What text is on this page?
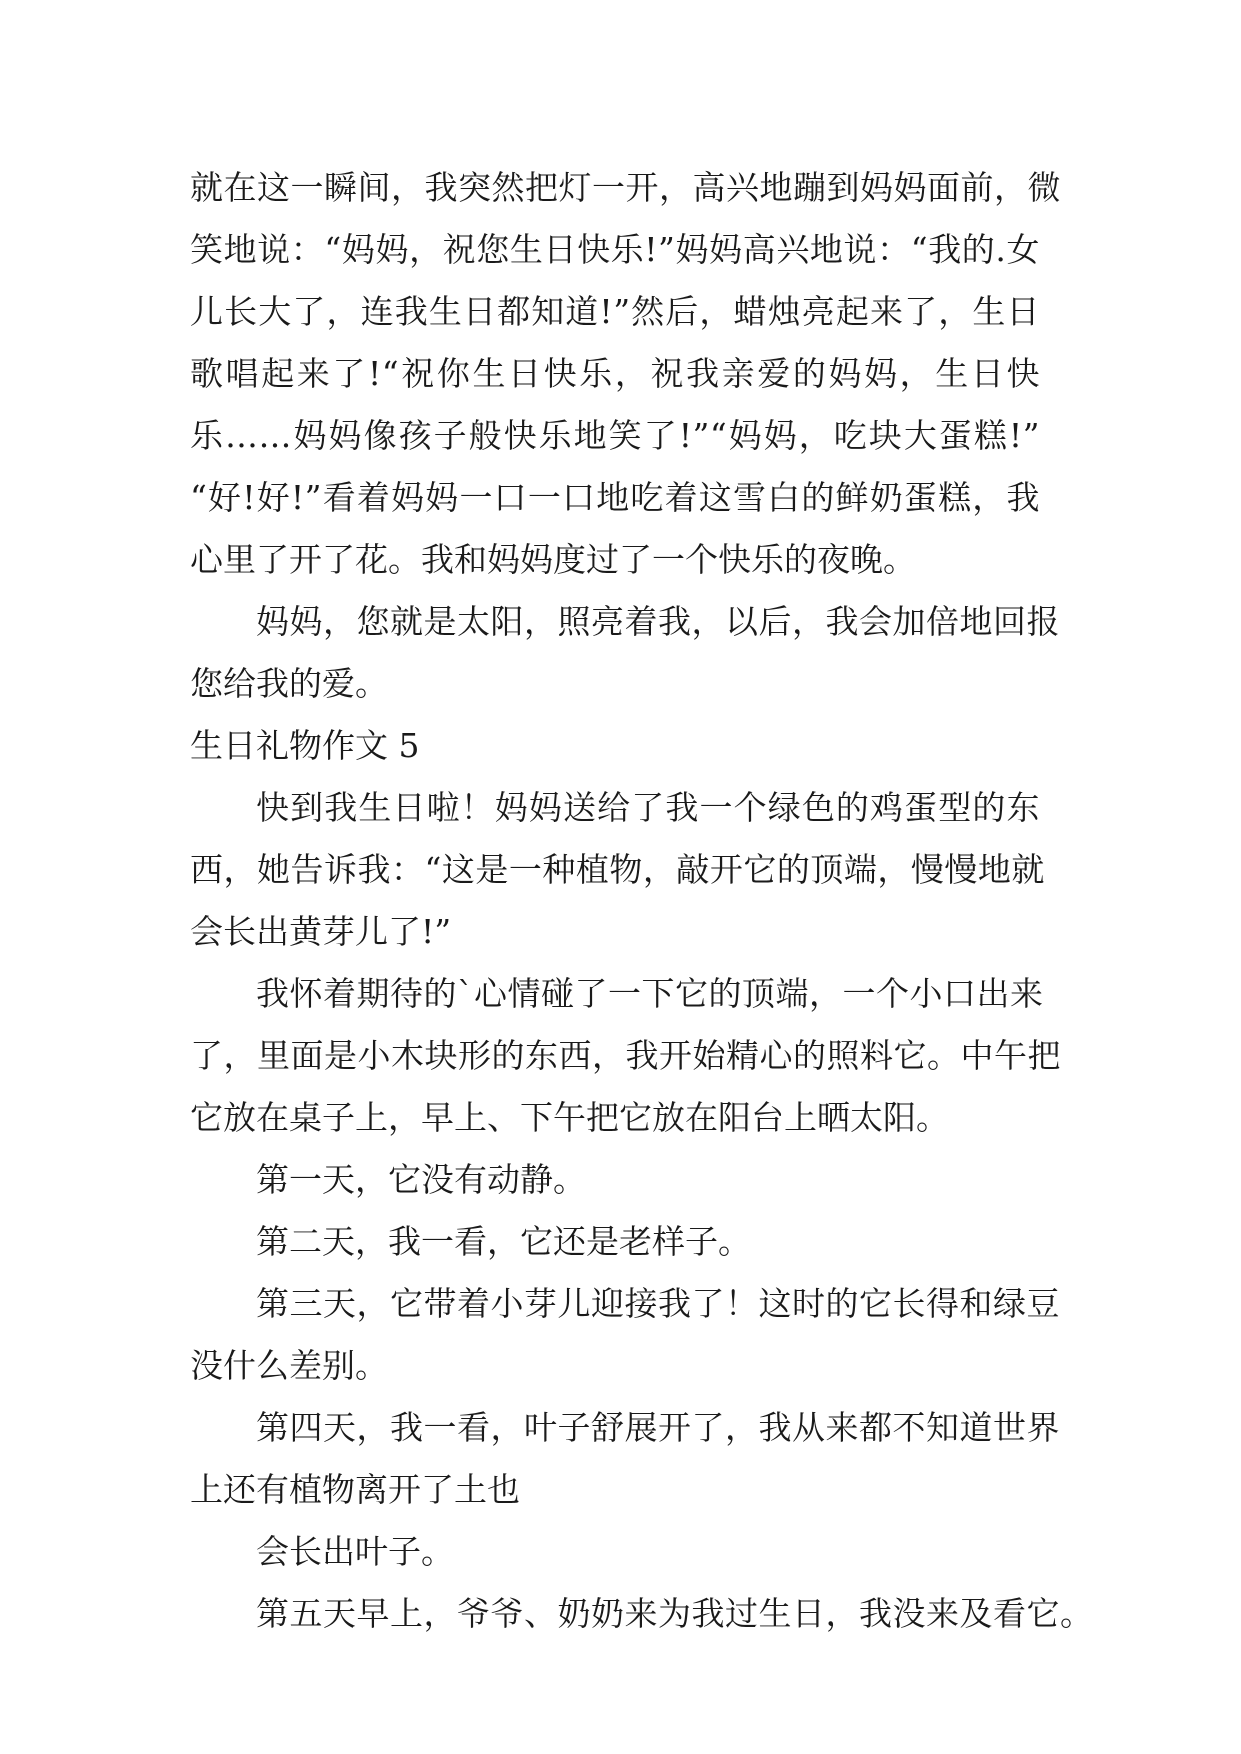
就在这一瞬间，我突然把灯一开，高兴地蹦到妈妈面前，微
笑地说：“妈妈，祝您生日快乐!”妈妈高兴地说：“我的.女
儿长大了，连我生日都知道!”然后，蜡烛亮起来了，生日
歌唱起来了!“祝你生日快乐，祝我亲爱的妈妈，生日快
乐……妈妈像孩子般快乐地笑了!”“妈妈，吃块大蛋糕!”
“好!好!”看着妈妈一口一口地吃着这雪白的鲜奶蛋糕，我
心里了开了花。我和妈妈度过了一个快乐的夜晚。
妈妈，您就是太阳，照亮着我，以后，我会加倍地回报
您给我的爱。
生日礼物作文 5
快到我生日啦！妈妈送给了我一个绿色的鸡蛋型的东
西，她告诉我：“这是一种植物，敲开它的顶端，慢慢地就
会长出黄芽儿了!”
我怀着期待的`心情碰了一下它的顶端，一个小口出来
了，里面是小木块形的东西，我开始精心的照料它。中午把
它放在桌子上，早上、下午把它放在阳台上晒太阳。
第一天，它没有动静。
第二天，我一看，它还是老样子。
第三天，它带着小芽儿迎接我了！这时的它长得和绿豆
没什么差别。
第四天，我一看，叶子舒展开了，我从来都不知道世界
上还有植物离开了土也
会长出叶子。
第五天早上，爷爷、奶奶来为我过生日，我没来及看它。
